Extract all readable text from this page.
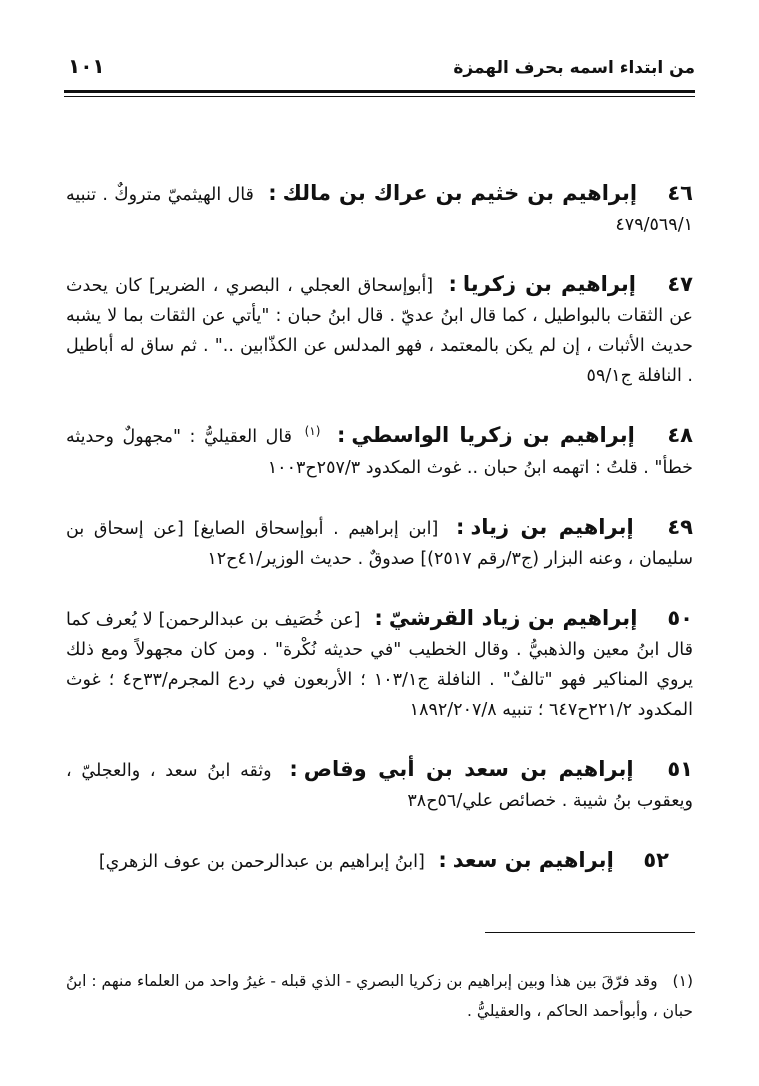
من ابتداء اسمه بحرف الهمزة
١٠١

٤٦ إبراهيم بن خثيم بن عراك بن مالك: قال الهيثميّ متروكٌ . تنبيه ٤٧٩/٥٦٩/١

٤٧ إبراهيم بن زكريا: [أبوإسحاق العجلي ، البصري ، الضرير] كان يحدث عن الثقات بالبواطيل ، كما قال ابنُ عديّ . قال ابنُ حبان : "يأتي عن الثقات بما لا يشبه حديث الأثبات ، إن لم يكن بالمعتمد ، فهو المدلس عن الكذّابين .." . ثم ساق له أباطيل . النافلة ج٥٩/١

٤٨ إبراهيم بن زكريا الواسطي: $^{(١)}$ قال العقيليُّ : "مجهولٌ وحديثه خطأ" . قلتُ : اتهمه ابنُ حبان .. غوث المكدود ٢٥٧/٣ح١٠٠٣

٤٩ إبراهيم بن زياد: [ابن إبراهيم . أبوإسحاق الصايغ] [عن إسحاق بن سليمان ، وعنه البزار (ج٣/رقم ٢٥١٧)] صدوقٌ . حديث الوزير/٤١ح١٢

٥٠ إبراهيم بن زياد القرشيّ: [عن خُصَيف بن عبدالرحمن] لا يُعرف كما قال ابنُ معين والذهبيُّ . وقال الخطيب "في حديثه نُكْرة" . ومن كان مجهولاً ومع ذلك يروي المناكير فهو "تالفٌ" . النافلة ج١٠٣/١ ؛ الأربعون في ردع المجرم/٣٣ح٤ ؛ غوث المكدود ٢٢١/٢ح٦٤٧ ؛ تنبيه ١٨٩٢/٢٠٧/٨

٥١ إبراهيم بن سعد بن أبي وقاص: وثقه ابنُ سعد ، والعجليّ ، ويعقوب بنُ شيبة . خصائص علي/٥٦ح٣٨

٥٢ إبراهيم بن سعد: [ابنُ إبراهيم بن عبدالرحمن بن عوف الزهري]

(١) وقد فرّقَ بين هذا وبين إبراهيم بن زكريا البصري - الذي قبله - غيرُ واحد من العلماء منهم : ابنُ حبان ، وأبوأحمد الحاكم ، والعقيليُّ .
